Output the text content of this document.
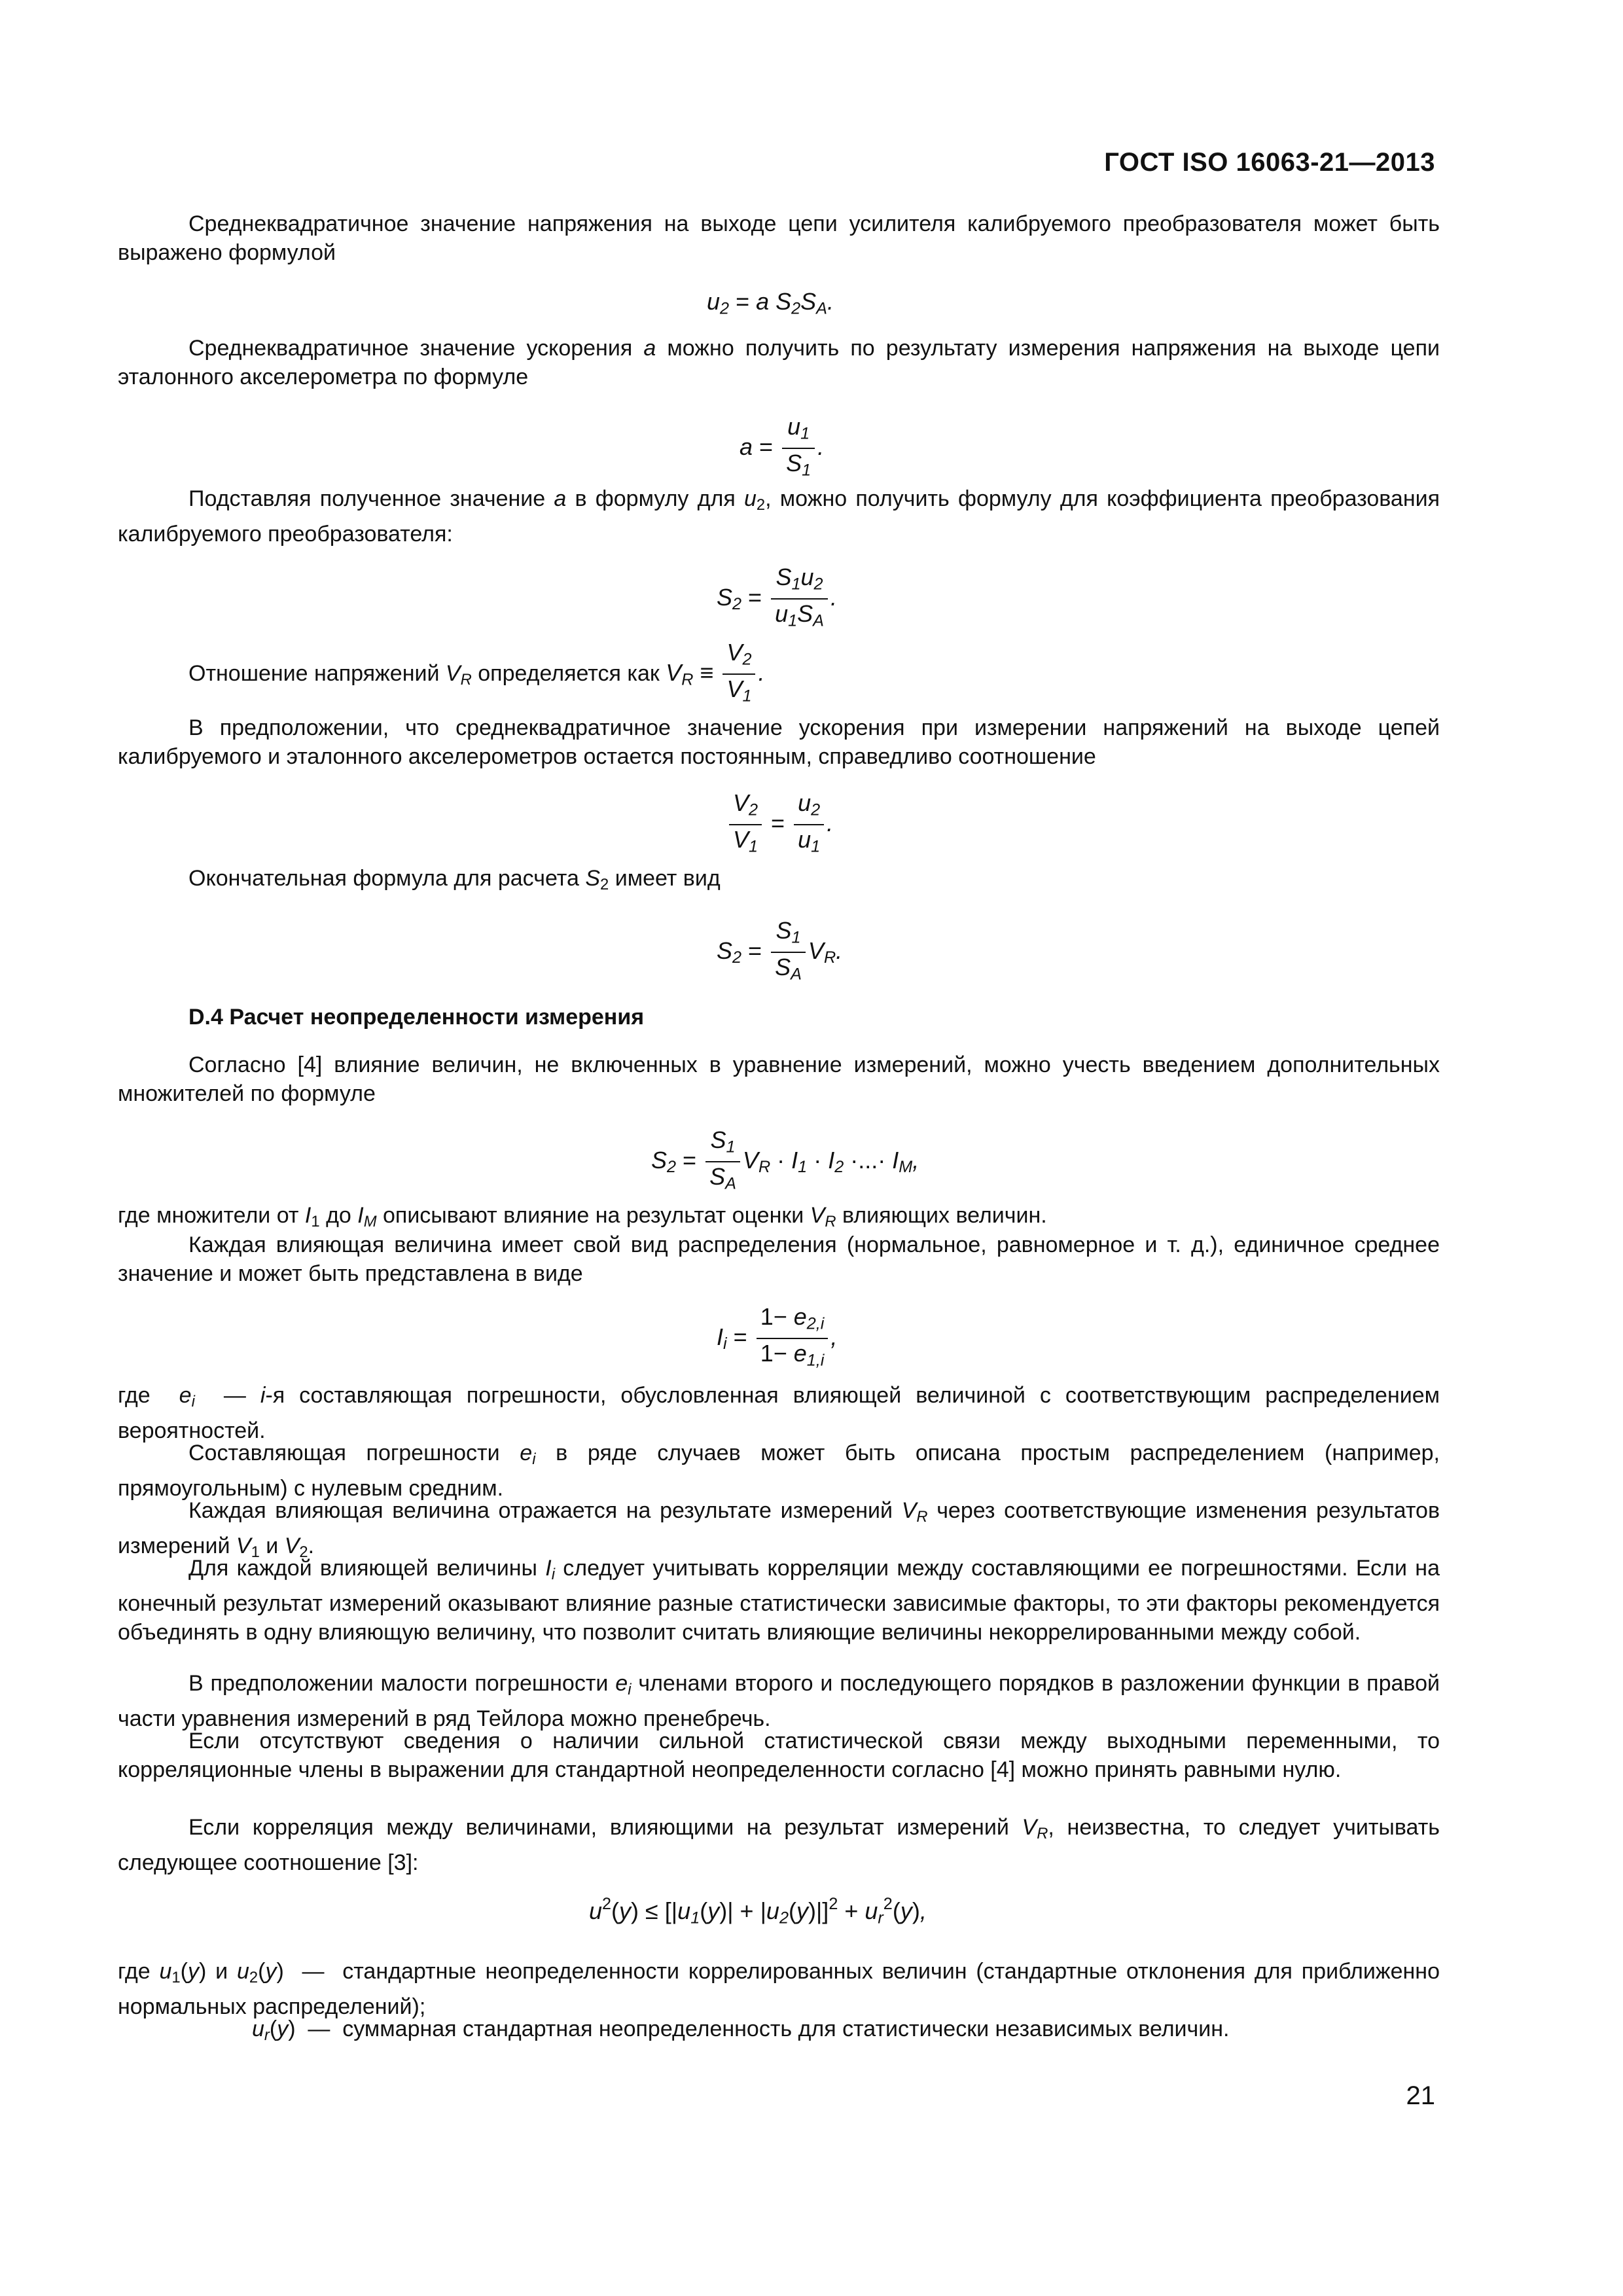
ГОСТ ISO 16063-21—2013
Среднеквадратичное значение напряжения на выходе цепи усилителя калибруемого преобразователя может быть выражено формулой
$u_2 = a$ $S_2S_A$.
Среднеквадратичное значение ускорения a можно получить по результату измерения напряжения на выходе цепи эталонного акселерометра по формуле
$a = \frac{u_1}{S_1}$ .
Подставляя полученное значение a в формулу для $u_2$, можно получить формулу для коэффициента преобразования калибруемого преобразователя:
$S_2 = \frac{S_1u_2}{u_1S_A}$ .
Отношение напряжений $V_R$ определяется как $V_R \equiv \frac{V_2}{V_1}$ .
В предположении, что среднеквадратичное значение ускорения при измерении напряжений на выходе цепей калибруемого и эталонного акселерометров остается постоянным, справедливо соотношение
$\frac{V_2}{V_1} = \frac{u_2}{u_1}$ .
Окончательная формула для расчета $S_2$ имеет вид
$S_2 = \frac{S_1}{S_A} V_R$.
D.4 Расчет неопределенности измерения
Согласно [4] влияние величин, не включенных в уравнение измерений, можно учесть введением дополнительных множителей по формуле
$S_2 = \frac{S_1}{S_A} V_R \cdot I_1 \cdot I_2$ ·...· $I_M$,
где множители от $I_1$ до $I_M$ описывают влияние на результат оценки $V_R$ влияющих величин.
Каждая влияющая величина имеет свой вид распределения (нормальное, равномерное и т. д.), единичное среднее значение и может быть представлена в виде
$I_i = \frac{1- e_{2,i}}{1- e_{1,i}}$ ,
где  $e_i$  — i-я составляющая погрешности, обусловленная влияющей величиной с соответствующим распределением вероятностей.
Составляющая погрешности $e_i$ в ряде случаев может быть описана простым распределением (например, прямоугольным) с нулевым средним.
Каждая влияющая величина отражается на результате измерений $V_R$ через соответствующие изменения результатов измерений $V_1$ и $V_2$.
Для каждой влияющей величины $I_i$ следует учитывать корреляции между составляющими ее погрешностями. Если на конечный результат измерений оказывают влияние разные статистически зависимые факторы, то эти факторы рекомендуется объединять в одну влияющую величину, что позволит считать влияющие величины некоррелированными между собой.
В предположении малости погрешности $e_i$ членами второго и последующего порядков в разложении функции в правой части уравнения измерений в ряд Тейлора можно пренебречь.
Если отсутствуют сведения о наличии сильной статистической связи между выходными переменными, то корреляционные члены в выражении для стандартной неопределенности согласно [4] можно принять равными нулю.
Если корреляция между величинами, влияющими на результат измерений $V_R$, неизвестна, то следует учитывать следующее соотношение [3]:
$u^2(y) \le [|u_1(y)| + |u_2(y)|]^2 + u_r^2(y)$,
где $u_1(y)$ и $u_2(y)$  —  стандартные неопределенности коррелированных величин (стандартные отклонения для приближенно нормальных распределений);
$u_r(y)$  —  суммарная стандартная неопределенность для статистически независимых величин.
21
